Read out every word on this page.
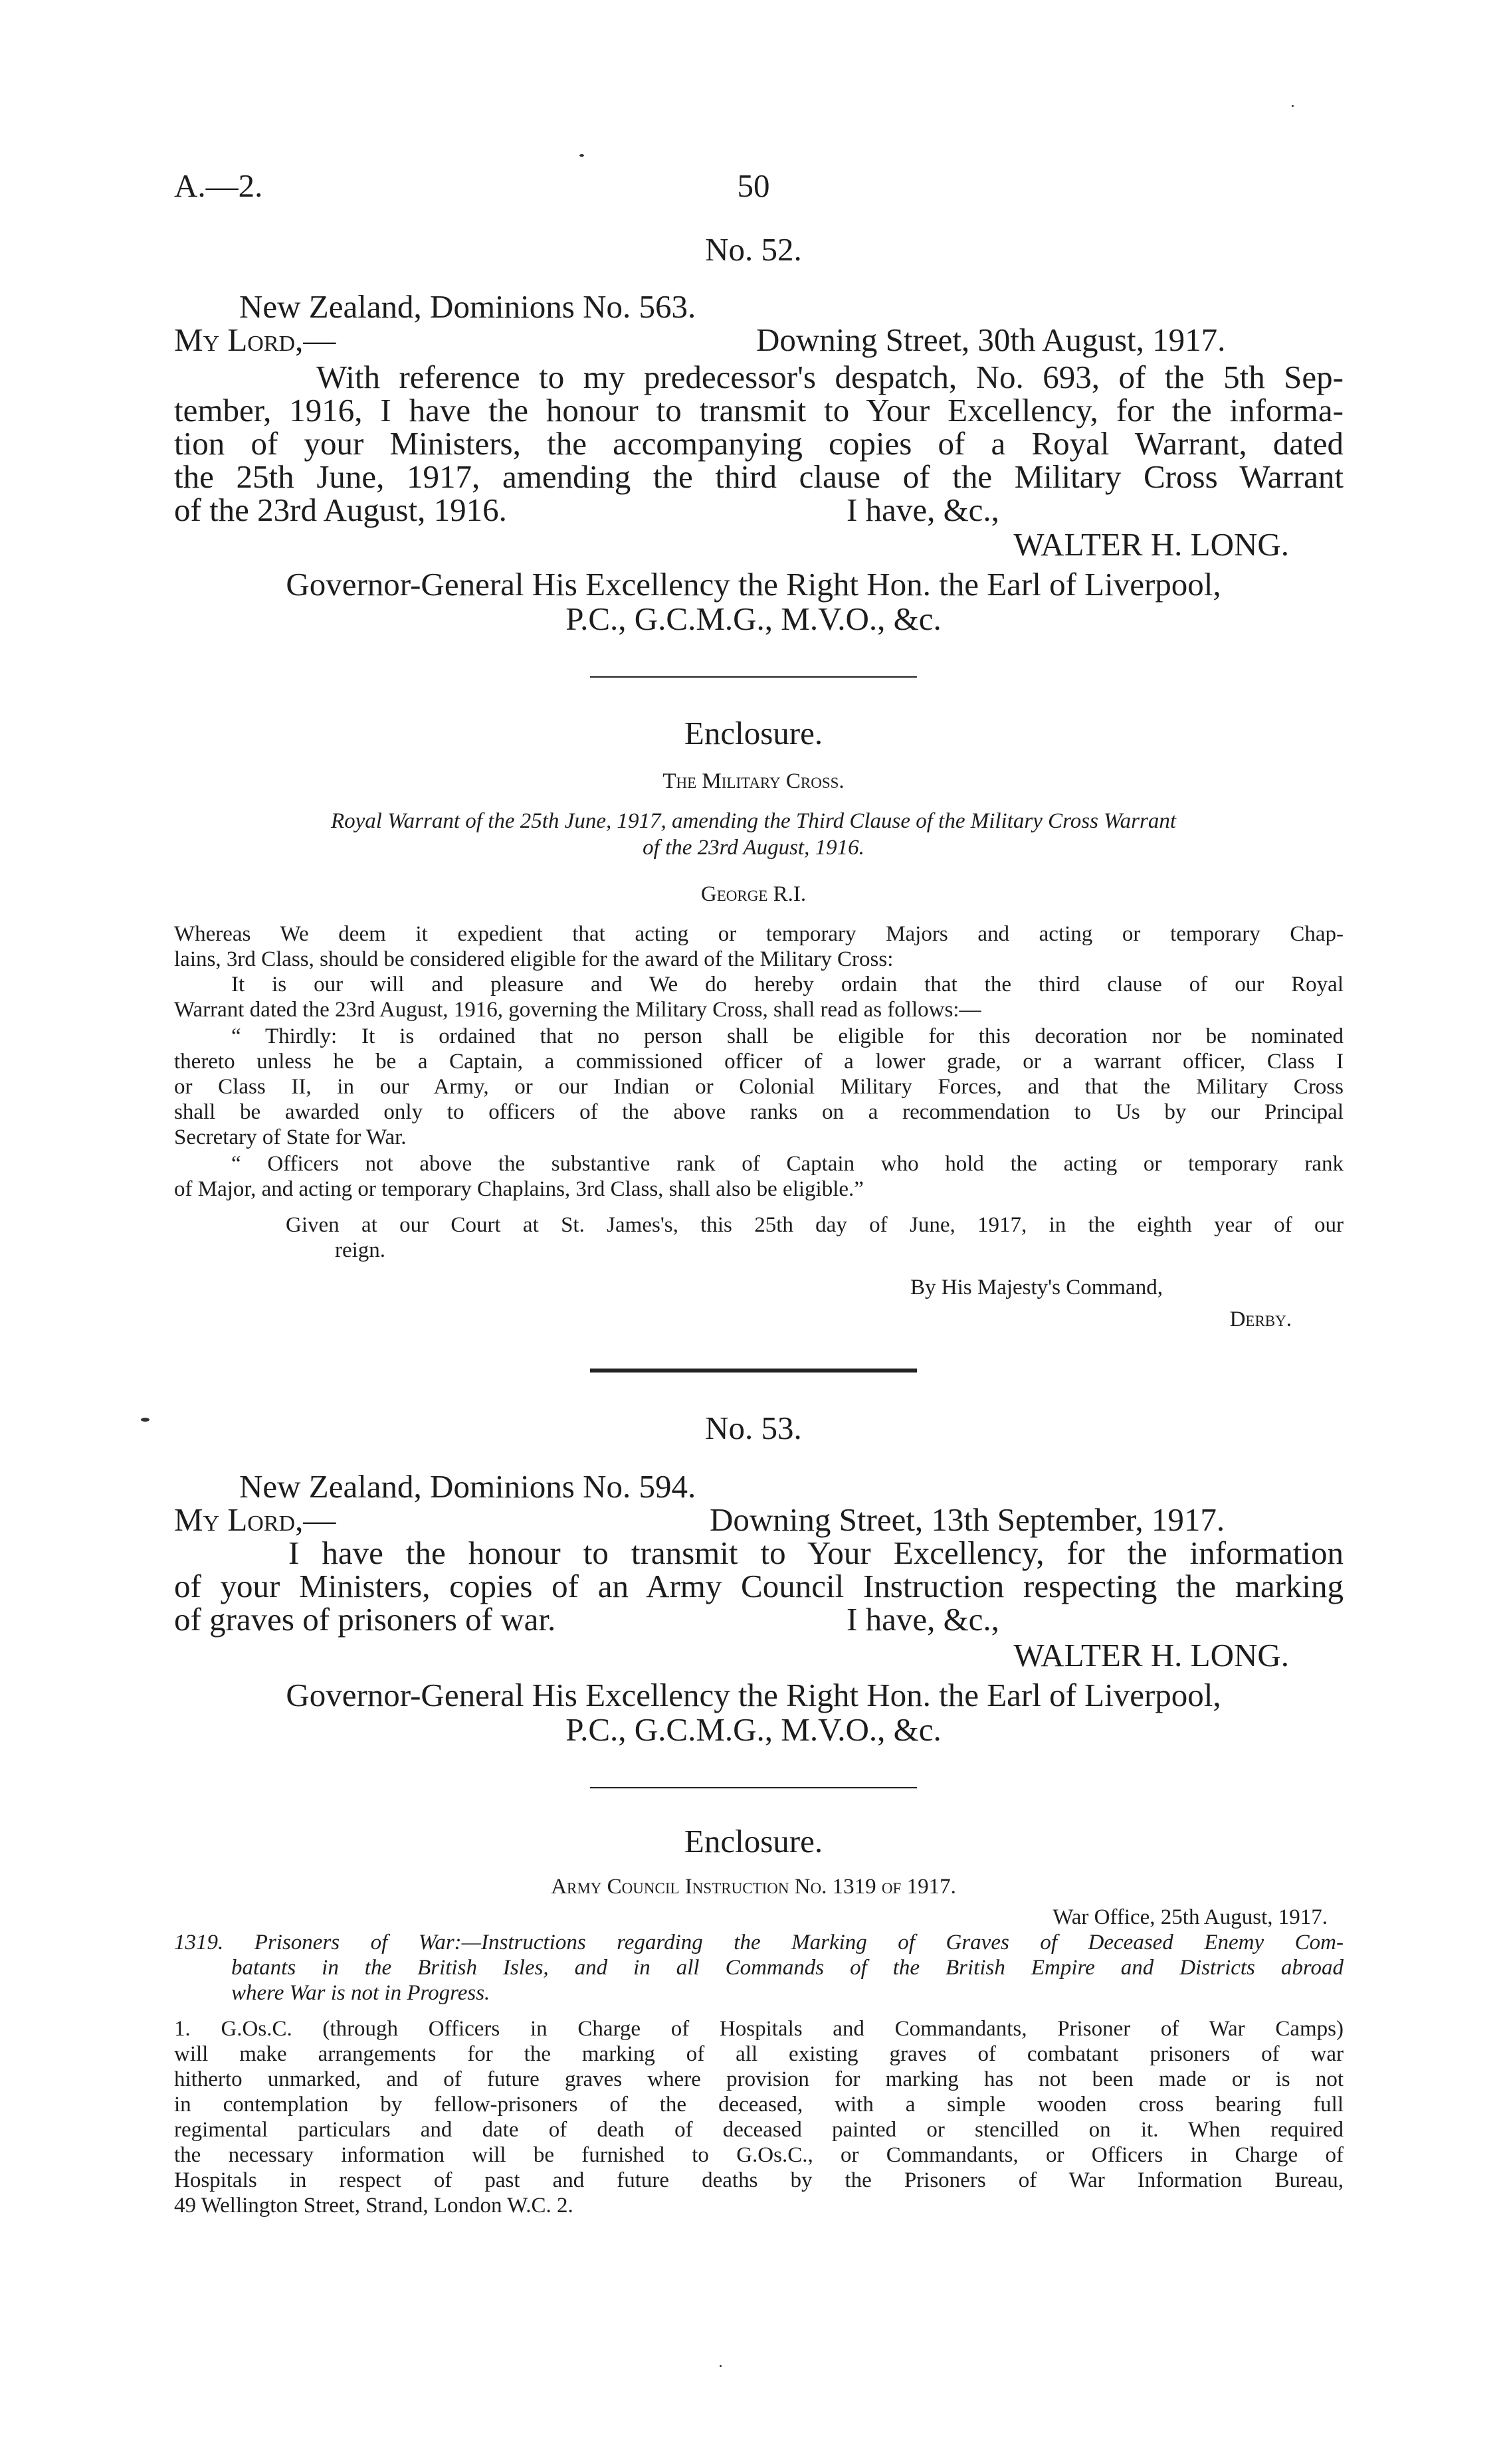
A.—2.	50
No. 52.
New Zealand, Dominions No. 563.
My Lord,—	Downing Street, 30th August, 1917.
With reference to my predecessor's despatch, No. 693, of the 5th Sep-
tember, 1916, I have the honour to transmit to Your Excellency, for the informa-
tion of your Ministers, the accompanying copies of a Royal Warrant, dated
the 25th June, 1917, amending the third clause of the Military Cross Warrant
of the 23rd August, 1916.	I have, &c.,
WALTER H. LONG.
Governor-General His Excellency the Right Hon. the Earl of Liverpool,
P.C., G.C.M.G., M.V.O., &c.
Enclosure.
The Military Cross.
Royal Warrant of the 25th June, 1917, amending the Third Clause of the Military Cross Warrant
of the 23rd August, 1916.
George R.I.
Whereas We deem it expedient that acting or temporary Majors and acting or temporary Chap-
lains, 3rd Class, should be considered eligible for the award of the Military Cross:
It is our will and pleasure and We do hereby ordain that the third clause of our Royal
Warrant dated the 23rd August, 1916, governing the Military Cross, shall read as follows:—
“ Thirdly: It is ordained that no person shall be eligible for this decoration nor be nominated
thereto unless he be a Captain, a commissioned officer of a lower grade, or a warrant officer, Class I
or Class II, in our Army, or our Indian or Colonial Military Forces, and that the Military Cross
shall be awarded only to officers of the above ranks on a recommendation to Us by our Principal
Secretary of State for War.
“ Officers not above the substantive rank of Captain who hold the acting or temporary rank
of Major, and acting or temporary Chaplains, 3rd Class, shall also be eligible.”
Given at our Court at St. James's, this 25th day of June, 1917, in the eighth year of our
reign.
By His Majesty's Command,
Derby.
No. 53.
New Zealand, Dominions No. 594.
My Lord,—	Downing Street, 13th September, 1917.
I have the honour to transmit to Your Excellency, for the information
of your Ministers, copies of an Army Council Instruction respecting the marking
of graves of prisoners of war.	I have, &c.,
WALTER H. LONG.
Governor-General His Excellency the Right Hon. the Earl of Liverpool,
P.C., G.C.M.G., M.V.O., &c.
Enclosure.
Army Council Instruction No. 1319 of 1917.
War Office, 25th August, 1917.
1319. Prisoners of War:—Instructions regarding the Marking of Graves of Deceased Enemy Com-
batants in the British Isles, and in all Commands of the British Empire and Districts abroad
where War is not in Progress.
1. G.Os.C. (through Officers in Charge of Hospitals and Commandants, Prisoner of War Camps)
will make arrangements for the marking of all existing graves of combatant prisoners of war
hitherto unmarked, and of future graves where provision for marking has not been made or is not
in contemplation by fellow-prisoners of the deceased, with a simple wooden cross bearing full
regimental particulars and date of death of deceased painted or stencilled on it. When required
the necessary information will be furnished to G.Os.C., or Commandants, or Officers in Charge of
Hospitals in respect of past and future deaths by the Prisoners of War Information Bureau,
49 Wellington Street, Strand, London W.C. 2.
